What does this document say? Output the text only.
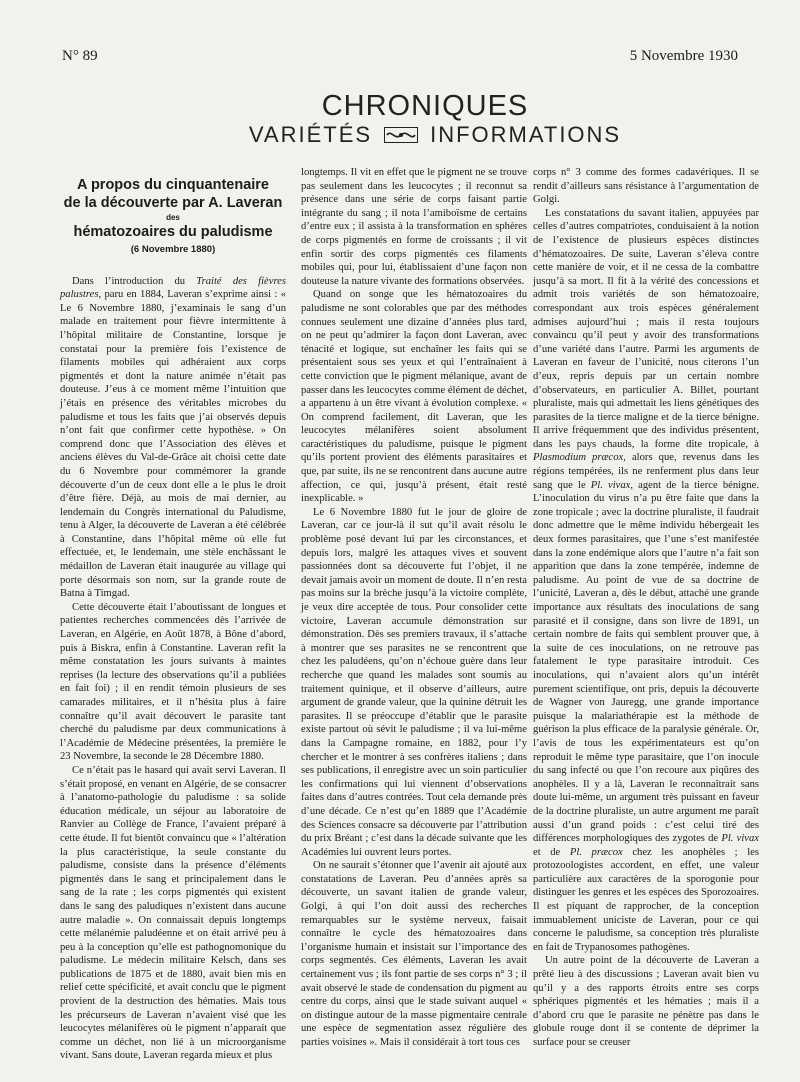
N° 89	5 Novembre 1930
CHRONIQUES
VARIÉTÉS	INFORMATIONS
A propos du cinquantenaire
de la découverte par A. Laveran
des
hématozoaires du paludisme
(6 Novembre 1880)

Dans l’introduction du Traité des fièvres palustres, paru en 1884, Laveran s’exprime ainsi : « Le 6 Novembre 1880, j’examinais le sang d’un malade en traitement pour fièvre intermittente à l’hôpital militaire de Constantine, lorsque je constatai pour la première fois l’existence de filaments mobiles qui adhéraient aux corps pigmentés et dont la nature animée n’était pas douteuse. J’eus à ce moment même l’intuition que j’étais en présence des véritables microbes du paludisme et tous les faits que j’ai observés depuis n’ont fait que confirmer cette hypothèse. » On comprend donc que l’Association des élèves et anciens élèves du Val-de-Grâce ait choisi cette date du 6 Novembre pour commémorer la grande découverte d’un de ceux dont elle a le plus le droit d’être fière. Déjà, au mois de mai dernier, au lendemain du Congrès international du Paludisme, tenu à Alger, la découverte de Laveran a été célébrée à Constantine, dans l’hôpital même où elle fut effectuée, et, le lendemain, une stèle enchâssant le médaillon de Laveran était inaugurée au village qui porte désormais son nom, sur la grande route de Batna à Timgad.

Cette découverte était l’aboutissant de longues et patientes recherches commencées dès l’arrivée de Laveran, en Algérie, en Août 1878, à Bône d’abord, puis à Biskra, enfin à Constantine. Laveran refit la même constatation les jours suivants à maintes reprises (la lecture des observations qu’il a publiées en fait foi) ; il en rendit témoin plusieurs de ses camarades militaires, et il n’hésita plus à faire connaître qu’il avait découvert le parasite tant cherché du paludisme par deux communications à l’Académie de Médecine présentées, la première le 23 Novembre, la seconde le 28 Décembre 1880.

Ce n’était pas le hasard qui avait servi Laveran. Il s’était proposé, en venant en Algérie, de se consacrer à l’anatomo-pathologie du paludisme : sa solide éducation médicale, un séjour au laboratoire de Ranvier au Collège de France, l’avaient préparé à cette étude. Il fut bientôt convaincu que « l’altération la plus caractéristique, la seule constante du paludisme, consiste dans la présence d’éléments pigmentés dans le sang et principalement dans le sang de la rate ; les corps pigmentés qui existent dans le sang des paludiques n’existent dans aucune autre maladie ». On connaissait depuis longtemps cette mélanémie paludéenne et on était arrivé peu à peu à la conception qu’elle est pathognomonique du paludisme. Le médecin militaire Kelsch, dans ses publications de 1875 et de 1880, avait bien mis en relief cette spécificité, et avait conclu que le pigment provient de la destruction des hématies. Mais tous les précurseurs de Laveran n’avaient visé que les leucocytes mélanifères où le pigment n’apparait que comme un déchet, non lié à un microorganisme vivant. Sans doute, Laveran regarda mieux et plus

longtemps. Il vit en effet que le pigment ne se trouve pas seulement dans les leucocytes ; il reconnut sa présence dans une série de corps faisant partie intégrante du sang ; il nota l’amiboïsme de certains d’entre eux ; il assista à la transformation en sphères de corps pigmentés en forme de croissants ; il vit enfin sortir des corps pigmentés ces filaments mobiles qui, pour lui, établissaient d’une façon non douteuse la nature vivante des formations observées.

Quand on songe que les hématozoaires du paludisme ne sont colorables que par des méthodes connues seulement une dizaine d’années plus tard, on ne peut qu’admirer la façon dont Laveran, avec ténacité et logique, sut enchaîner les faits qui se présentaient sous ses yeux et qui l’entraînaient à cette conviction que le pigment mélanique, avant de passer dans les leucocytes comme élément de déchet, a appartenu à un être vivant à évolution complexe. « On comprend facilement, dit Laveran, que les leucocytes mélanifères soient absolument caractéristiques du paludisme, puisque le pigment qu’ils portent provient des éléments parasitaires et que, par suite, ils ne se rencontrent dans aucune autre affection, ce qui, jusqu’à présent, était resté inexplicable. »

Le 6 Novembre 1880 fut le jour de gloire de Laveran, car ce jour-là il sut qu’il avait résolu le problème posé devant lui par les circonstances, et depuis lors, malgré les attaques vives et souvent passionnées dont sa découverte fut l’objet, il ne devait jamais avoir un moment de doute. Il n’en resta pas moins sur la brèche jusqu’à la victoire complète, je veux dire acceptée de tous. Pour consolider cette victoire, Laveran accumule démonstration sur démonstration. Dès ses premiers travaux, il s’attache à montrer que ses parasites ne se rencontrent que chez les paludéens, qu’on n’échoue guère dans leur recherche que quand les malades sont soumis au traitement quinique, et il observe d’ailleurs, autre argument de grande valeur, que la quinine détruit les parasites. Il se préoccupe d’établir que le parasite existe partout où sévit le paludisme ; il va lui-même dans la Campagne romaine, en 1882, pour l’y chercher et le montrer à ses confrères italiens ; dans ses publications, il enregistre avec un soin particulier les confirmations qui lui viennent d’observations faites dans d’autres contrées. Tout cela demande près d’une décade. Ce n’est qu’en 1889 que l’Académie des Sciences consacre sa découverte par l’attribution du prix Bréant ; c’est dans la décade suivante que les Académies lui ouvrent leurs portes.

On ne saurait s’étonner que l’avenir ait ajouté aux constatations de Laveran. Peu d’années après sa découverte, un savant italien de grande valeur, Golgi, à qui l’on doit aussi des recherches remarquables sur le système nerveux, faisait connaître le cycle des hématozoaires dans l’organisme humain et insistait sur l’importance des corps segmentés. Ces éléments, Laveran les avait certainement vus ; ils font partie de ses corps n° 3 ; il avait observé le stade de condensation du pigment au centre du corps, ainsi que le stade suivant auquel « on distingue autour de la masse pigmentaire centrale une espèce de segmentation assez régulière des parties voisines ». Mais il considérait à tort tous ces

corps n° 3 comme des formes cadavériques. Il se rendit d’ailleurs sans résistance à l’argumentation de Golgi.

Les constatations du savant italien, appuyées par celles d’autres compatriotes, conduisaient à la notion de l’existence de plusieurs espèces distinctes d’hématozoaires. De suite, Laveran s’éleva contre cette manière de voir, et il ne cessa de la combattre jusqu’à sa mort. Il fit à la vérité des concessions et admit trois variétés de son hématozoaire, correspondant aux trois espèces généralement admises aujourd’hui ; mais il resta toujours convaincu qu’il peut y avoir des transformations d’une variété dans l’autre. Parmi les arguments de Laveran en faveur de l’unicité, nous citerons l’un d’eux, repris depuis par un certain nombre d’observateurs, en particulier A. Billet, pourtant pluraliste, mais qui admettait les liens génétiques des parasites de la tierce maligne et de la tierce bénigne. Il arrive fréquemment que des individus présentent, dans les pays chauds, la forme dite tropicale, à Plasmodium præcox, alors que, revenus dans les régions tempérées, ils ne renferment plus dans leur sang que le Pl. vivax, agent de la tierce bénigne. L’inoculation du virus n’a pu être faite que dans la zone tropicale ; avec la doctrine pluraliste, il faudrait donc admettre que le même individu hébergeait les deux formes parasitaires, que l’une s’est manifestée dans la zone endémique alors que l’autre n’a fait son apparition que dans la zone tempérée, indemne de paludisme. Au point de vue de sa doctrine de l’unicité, Laveran a, dès le début, attaché une grande importance aux résultats des inoculations de sang parasité et il consigne, dans son livre de 1891, un certain nombre de faits qui semblent prouver que, à la suite de ces inoculations, on ne retrouve pas fatalement le type parasitaire introduit. Ces inoculations, qui n’avaient alors qu’un intérêt purement scientifique, ont pris, depuis la découverte de Wagner von Jauregg, une grande importance puisque la malariathérapie est la méthode de guérison la plus efficace de la paralysie générale. Or, l’avis de tous les expérimentateurs est qu’on reproduit le même type parasitaire, que l’on inocule du sang infecté ou que l’on recoure aux piqûres des anophèles. Il y a là, Laveran le reconnaîtrait sans doute lui-même, un argument très puissant en faveur de la doctrine pluraliste, un autre argument me paraît aussi d’un grand poids : c’est celui tiré des différences morphologiques des zygotes de Pl. vivax et de Pl. præcox chez les anophèles ; les protozoologistes accordent, en effet, une valeur particulière aux caractères de la sporogonie pour distinguer les genres et les espèces des Sporozoaires. Il est piquant de rapprocher, de la conception immuablement uniciste de Laveran, pour ce qui concerne le paludisme, sa conception très pluraliste en fait de Trypanosomes pathogènes.

Un autre point de la découverte de Laveran a prêté lieu à des discussions ; Laveran avait bien vu qu’il y a des rapports étroits entre ses corps sphériques pigmentés et les hématies ; mais il a d’abord cru que le parasite ne pénètre pas dans le globule rouge dont il se contente de déprimer la surface pour se creuser
